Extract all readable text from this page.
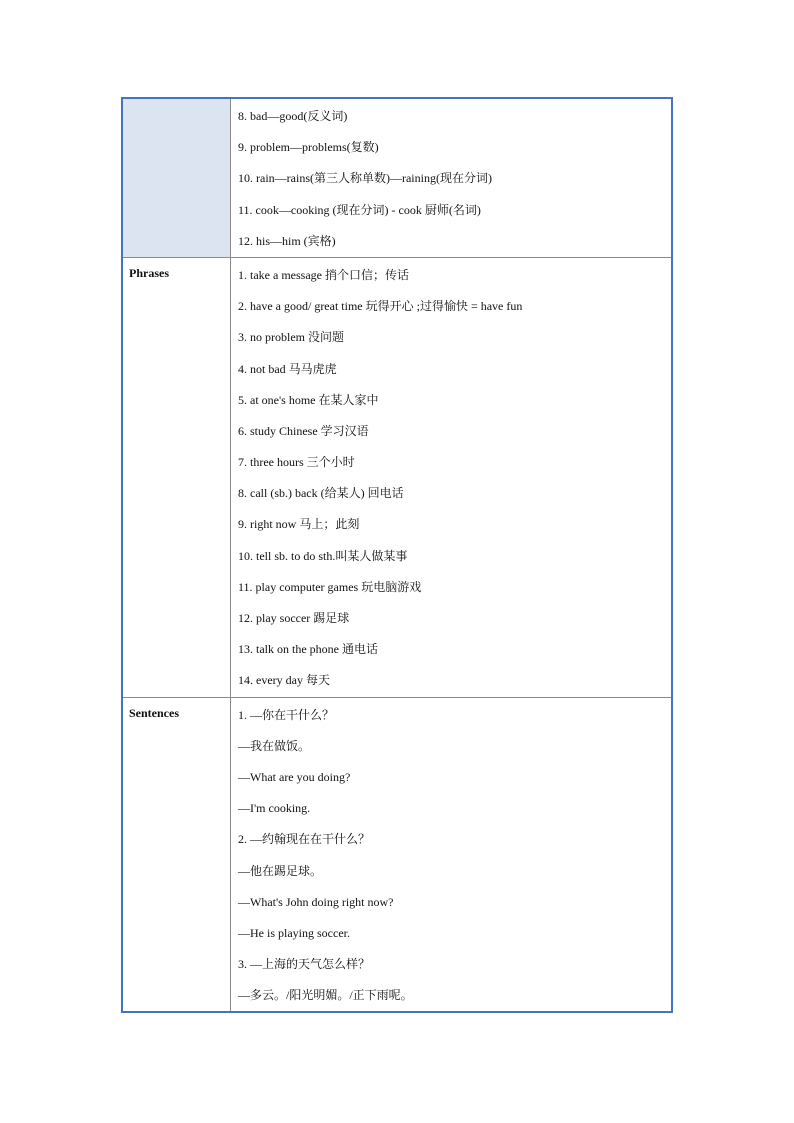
8. bad—good(反义词)
9. problem—problems(复数)
10. rain—rains(第三人称单数)—raining(现在分词)
11. cook—cooking (现在分词) - cook 厨师(名词)
12. his—him (宾格)
Phrases	1. take a message 捎个口信；传话
2. have a good/ great time 玩得开心 ;过得愉快 = have fun
3. no problem 没问题
4. not bad 马马虎虎
5. at one's home 在某人家中
6. study Chinese 学习汉语
7. three hours 三个小时
8. call (sb.) back (给某人) 回电话
9. right now 马上；此刻
10. tell sb. to do sth.叫某人做某事
11. play computer games 玩电脑游戏
12. play soccer 踢足球
13. talk on the phone 通电话
14. every day 每天
Sentences	1. —你在干什么？
—我在做饭。
—What are you doing?
—I'm cooking.
2. —约翰现在在干什么？
—他在踢足球。
—What's John doing right now?
—He is playing soccer.
3. —上海的天气怎么样？
—多云。/阳光明媚。/正下雨呢。
